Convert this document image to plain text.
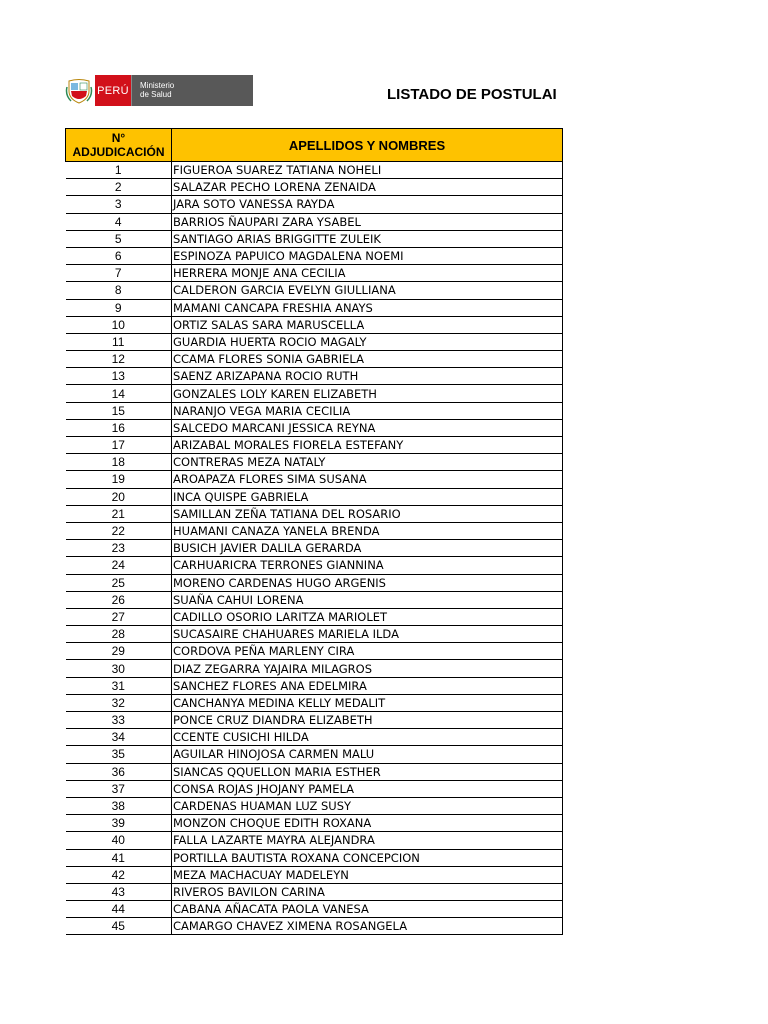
PERÚ Ministerio
de Salud	LISTADO DE POSTULAI
N°
ADJUDICACIÓN	APELLIDOS Y NOMBRES
1	FIGUEROA SUAREZ TATIANA NOHELI
2	SALAZAR PECHO LORENA ZENAIDA
3	JARA SOTO VANESSA RAYDA
4	BARRIOS ÑAUPARI ZARA YSABEL
5	SANTIAGO ARIAS BRIGGITTE ZULEIK
6	ESPINOZA PAPUICO MAGDALENA NOEMI
7	HERRERA MONJE ANA CECILIA
8	CALDERON GARCIA EVELYN GIULLIANA
9	MAMANI CANCAPA FRESHIA ANAYS
10	ORTIZ SALAS SARA MARUSCELLA
11	GUARDIA HUERTA ROCIO MAGALY
12	CCAMA FLORES SONIA GABRIELA
13	SAENZ ARIZAPANA ROCIO RUTH
14	GONZALES LOLY KAREN ELIZABETH
15	NARANJO VEGA MARIA CECILIA
16	SALCEDO MARCANI JESSICA REYNA
17	ARIZABAL MORALES FIORELA ESTEFANY
18	CONTRERAS MEZA NATALY
19	AROAPAZA FLORES SIMA SUSANA
20	INCA QUISPE GABRIELA
21	SAMILLAN ZEÑA TATIANA DEL ROSARIO
22	HUAMANI CANAZA YANELA BRENDA
23	BUSICH JAVIER DALILA GERARDA
24	CARHUARICRA TERRONES GIANNINA
25	MORENO CARDENAS HUGO ARGENIS
26	SUAÑA CAHUI LORENA
27	CADILLO OSORIO LARITZA MARIOLET
28	SUCASAIRE CHAHUARES MARIELA ILDA
29	CORDOVA PEÑA MARLENY CIRA
30	DIAZ ZEGARRA YAJAIRA MILAGROS
31	SANCHEZ FLORES ANA EDELMIRA
32	CANCHANYA MEDINA KELLY MEDALIT
33	PONCE CRUZ DIANDRA ELIZABETH
34	CCENTE CUSICHI HILDA
35	AGUILAR HINOJOSA CARMEN MALU
36	SIANCAS QQUELLON MARIA ESTHER
37	CONSA ROJAS JHOJANY PAMELA
38	CARDENAS HUAMAN LUZ SUSY
39	MONZON CHOQUE EDITH ROXANA
40	FALLA LAZARTE MAYRA ALEJANDRA
41	PORTILLA BAUTISTA ROXANA CONCEPCION
42	MEZA MACHACUAY MADELEYN
43	RIVEROS BAVILON CARINA
44	CABANA AÑACATA PAOLA VANESA
45	CAMARGO CHAVEZ XIMENA ROSANGELA
